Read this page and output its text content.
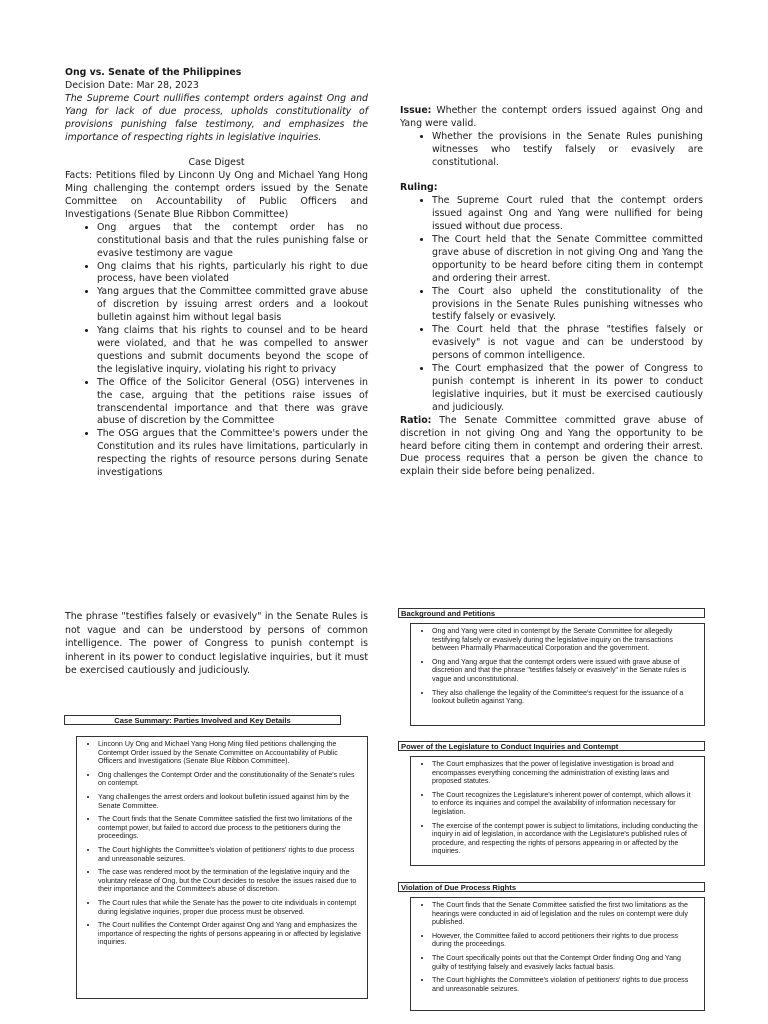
Ong vs. Senate of the Philippines

Decision Date: Mar 28, 2023

The Supreme Court nullifies contempt orders against Ong and Yang for lack of due process, upholds constitutionality of provisions punishing false testimony, and emphasizes the importance of respecting rights in legislative inquiries.

Case Digest

Facts: Petitions filed by Linconn Uy Ong and Michael Yang Hong Ming challenging the contempt orders issued by the Senate Committee on Accountability of Public Officers and Investigations (Senate Blue Ribbon Committee)

• Ong argues that the contempt order has no constitutional basis and that the rules punishing false or evasive testimony are vague
• Ong claims that his rights, particularly his right to due process, have been violated
• Yang argues that the Committee committed grave abuse of discretion by issuing arrest orders and a lookout bulletin against him without legal basis
• Yang claims that his rights to counsel and to be heard were violated, and that he was compelled to answer questions and submit documents beyond the scope of the legislative inquiry, violating his right to privacy
• The Office of the Solicitor General (OSG) intervenes in the case, arguing that the petitions raise issues of transcendental importance and that there was grave abuse of discretion by the Committee
• The OSG argues that the Committee's powers under the Constitution and its rules have limitations, particularly in respecting the rights of resource persons during Senate investigations

Issue: Whether the contempt orders issued against Ong and Yang were valid.

• Whether the provisions in the Senate Rules punishing witnesses who testify falsely or evasively are constitutional.

Ruling:

• The Supreme Court ruled that the contempt orders issued against Ong and Yang were nullified for being issued without due process.
• The Court held that the Senate Committee committed grave abuse of discretion in not giving Ong and Yang the opportunity to be heard before citing them in contempt and ordering their arrest.
• The Court also upheld the constitutionality of the provisions in the Senate Rules punishing witnesses who testify falsely or evasively.
• The Court held that the phrase "testifies falsely or evasively" is not vague and can be understood by persons of common intelligence.
• The Court emphasized that the power of Congress to punish contempt is inherent in its power to conduct legislative inquiries, but it must be exercised cautiously and judiciously.

Ratio: The Senate Committee committed grave abuse of discretion in not giving Ong and Yang the opportunity to be heard before citing them in contempt and ordering their arrest. Due process requires that a person be given the chance to explain their side before being penalized.

The phrase "testifies falsely or evasively" in the Senate Rules is not vague and can be understood by persons of common intelligence. The power of Congress to punish contempt is inherent in its power to conduct legislative inquiries, but it must be exercised cautiously and judiciously.
Case Summary: Parties Involved and Key Details
• Linconn Uy Ong and Michael Yang Hong Ming filed petitions challenging the Contempt Order issued by the Senate Committee on Accountability of Public Officers and Investigations (Senate Blue Ribbon Committee).
• Ong challenges the Contempt Order and the constitutionality of the Senate's rules on contempt.
• Yang challenges the arrest orders and lookout bulletin issued against him by the Senate Committee.
• The Court finds that the Senate Committee satisfied the first two limitations of the contempt power, but failed to accord due process to the petitioners during the proceedings.
• The Court highlights the Committee's violation of petitioners' rights to due process and unreasonable seizures.
• The case was rendered moot by the termination of the legislative inquiry and the voluntary release of Ong, but the Court decides to resolve the issues raised due to their importance and the Committee's abuse of discretion.
• The Court rules that while the Senate has the power to cite individuals in contempt during legislative inquiries, proper due process must be observed.
• The Court nullifies the Contempt Order against Ong and Yang and emphasizes the importance of respecting the rights of persons appearing in or affected by legislative inquiries.
Background and Petitions
• Ong and Yang were cited in contempt by the Senate Committee for allegedly testifying falsely or evasively during the legislative inquiry on the transactions between Pharmally Pharmaceutical Corporation and the government.
• Ong and Yang argue that the contempt orders were issued with grave abuse of discretion and that the phrase "testifies falsely or evasively" in the Senate rules is vague and unconstitutional.
• They also challenge the legality of the Committee's request for the issuance of a lookout bulletin against Yang.
Power of the Legislature to Conduct Inquiries and Contempt
• The Court emphasizes that the power of legislative investigation is broad and encompasses everything concerning the administration of existing laws and proposed statutes.
• The Court recognizes the Legislature's inherent power of contempt, which allows it to enforce its inquiries and compel the availability of information necessary for legislation.
• The exercise of the contempt power is subject to limitations, including conducting the inquiry in aid of legislation, in accordance with the Legislature's published rules of procedure, and respecting the rights of persons appearing in or affected by the inquiries.
Violation of Due Process Rights
• The Court finds that the Senate Committee satisfied the first two limitations as the hearings were conducted in aid of legislation and the rules on contempt were duly published.
• However, the Committee failed to accord petitioners their rights to due process during the proceedings.
• The Court specifically points out that the Contempt Order finding Ong and Yang guilty of testifying falsely and evasively lacks factual basis.
• The Court highlights the Committee's violation of petitioners' rights to due process and unreasonable seizures.
